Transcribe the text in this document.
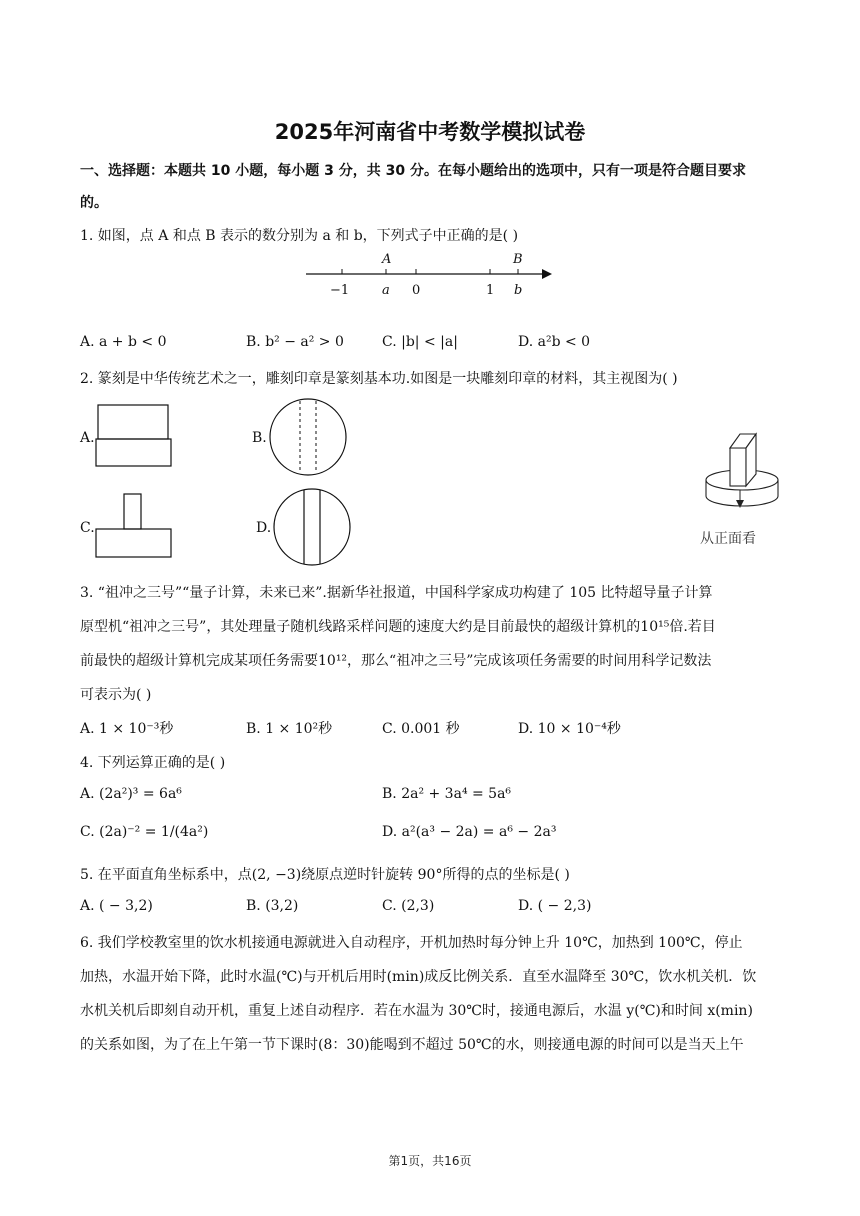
2025年河南省中考数学模拟试卷
一、选择题：本题共 10 小题，每小题 3 分，共 30 分。在每小题给出的选项中，只有一项是符合题目要求
的。
1. 如图，点 A 和点 B 表示的数分别为 a 和 b，下列式子中正确的是( )
A	B
−1	a 0	1 b
A. a + b < 0	B. b² − a² > 0	C. |b| < |a|	D. a²b < 0
2. 篆刻是中华传统艺术之一，雕刻印章是篆刻基本功.如图是一块雕刻印章的材料，其主视图为( )
A.	B.
C.	D.
从正面看
3. “祖冲之三号”“量子计算，未来已来”.据新华社报道，中国科学家成功构建了 105 比特超导量子计算
原型机“祖冲之三号”，其处理量子随机线路采样问题的速度大约是目前最快的超级计算机的10¹⁵倍.若目
前最快的超级计算机完成某项任务需要10¹²，那么“祖冲之三号”完成该项任务需要的时间用科学记数法
可表示为( )
A. 1 × 10⁻³秒	B. 1 × 10²秒	C. 0.001 秒	D. 10 × 10⁻⁴秒
4. 下列运算正确的是( )
A. (2a²)³ = 6a⁶	B. 2a² + 3a⁴ = 5a⁶
C. (2a)⁻² = 1/(4a²)	D. a²(a³ − 2a) = a⁶ − 2a³
5. 在平面直角坐标系中，点(2, −3)绕原点逆时针旋转 90°所得的点的坐标是( )
A. ( − 3,2)	B. (3,2)	C. (2,3)	D. ( − 2,3)
6. 我们学校教室里的饮水机接通电源就进入自动程序，开机加热时每分钟上升 10℃，加热到 100℃，停止
加热，水温开始下降，此时水温(℃)与开机后用时(min)成反比例关系．直至水温降至 30℃，饮水机关机．饮
水机关机后即刻自动开机，重复上述自动程序．若在水温为 30℃时，接通电源后，水温 y(℃)和时间 x(min)
的关系如图，为了在上午第一节下课时(8：30)能喝到不超过 50℃的水，则接通电源的时间可以是当天上午
第1页，共16页
